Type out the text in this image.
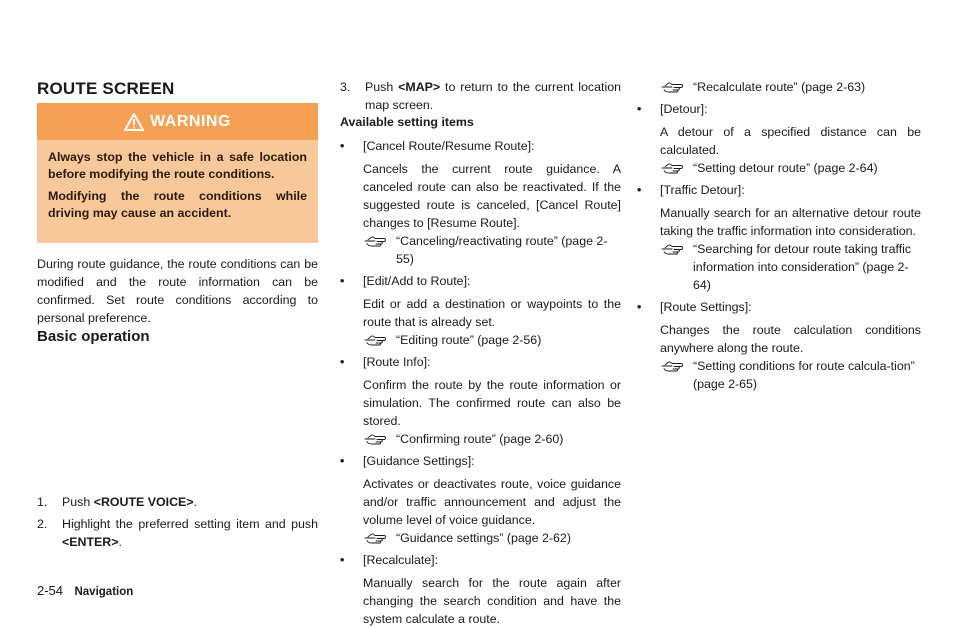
ROUTE SCREEN
WARNING

Always stop the vehicle in a safe location before modifying the route conditions.

Modifying the route conditions while driving may cause an accident.

During route guidance, the route conditions can be modified and the route information can be confirmed. Set route conditions according to personal preference.
Basic operation
1.	Push <ROUTE VOICE>.
2.	Highlight the preferred setting item and push <ENTER>.
3.	Push <MAP> to return to the current location map screen.
Available setting items
•	[Cancel Route/Resume Route]:
Cancels the current route guidance. A canceled route can also be reactivated. If the suggested route is canceled, [Cancel Route] changes to [Resume Route].
“Canceling/reactivating route” (page 2-55)
•	[Edit/Add to Route]:
Edit or add a destination or waypoints to the route that is already set.
“Editing route” (page 2-56)
•	[Route Info]:
Confirm the route by the route information or simulation. The confirmed route can also be stored.
“Confirming route” (page 2-60)
•	[Guidance Settings]:
Activates or deactivates route, voice guidance and/or traffic announcement and adjust the volume level of voice guidance.
“Guidance settings” (page 2-62)
•	[Recalculate]:
Manually search for the route again after changing the search condition and have the system calculate a route.
“Recalculate route” (page 2-63)
•	[Detour]:
A detour of a specified distance can be calculated.
“Setting detour route” (page 2-64)
•	[Traffic Detour]:
Manually search for an alternative detour route taking the traffic information into consideration.
“Searching for detour route taking traffic information into consideration” (page 2-64)
•	[Route Settings]:
Changes the route calculation conditions anywhere along the route.
“Setting conditions for route calcula-tion” (page 2-65)
2-54 Navigation
